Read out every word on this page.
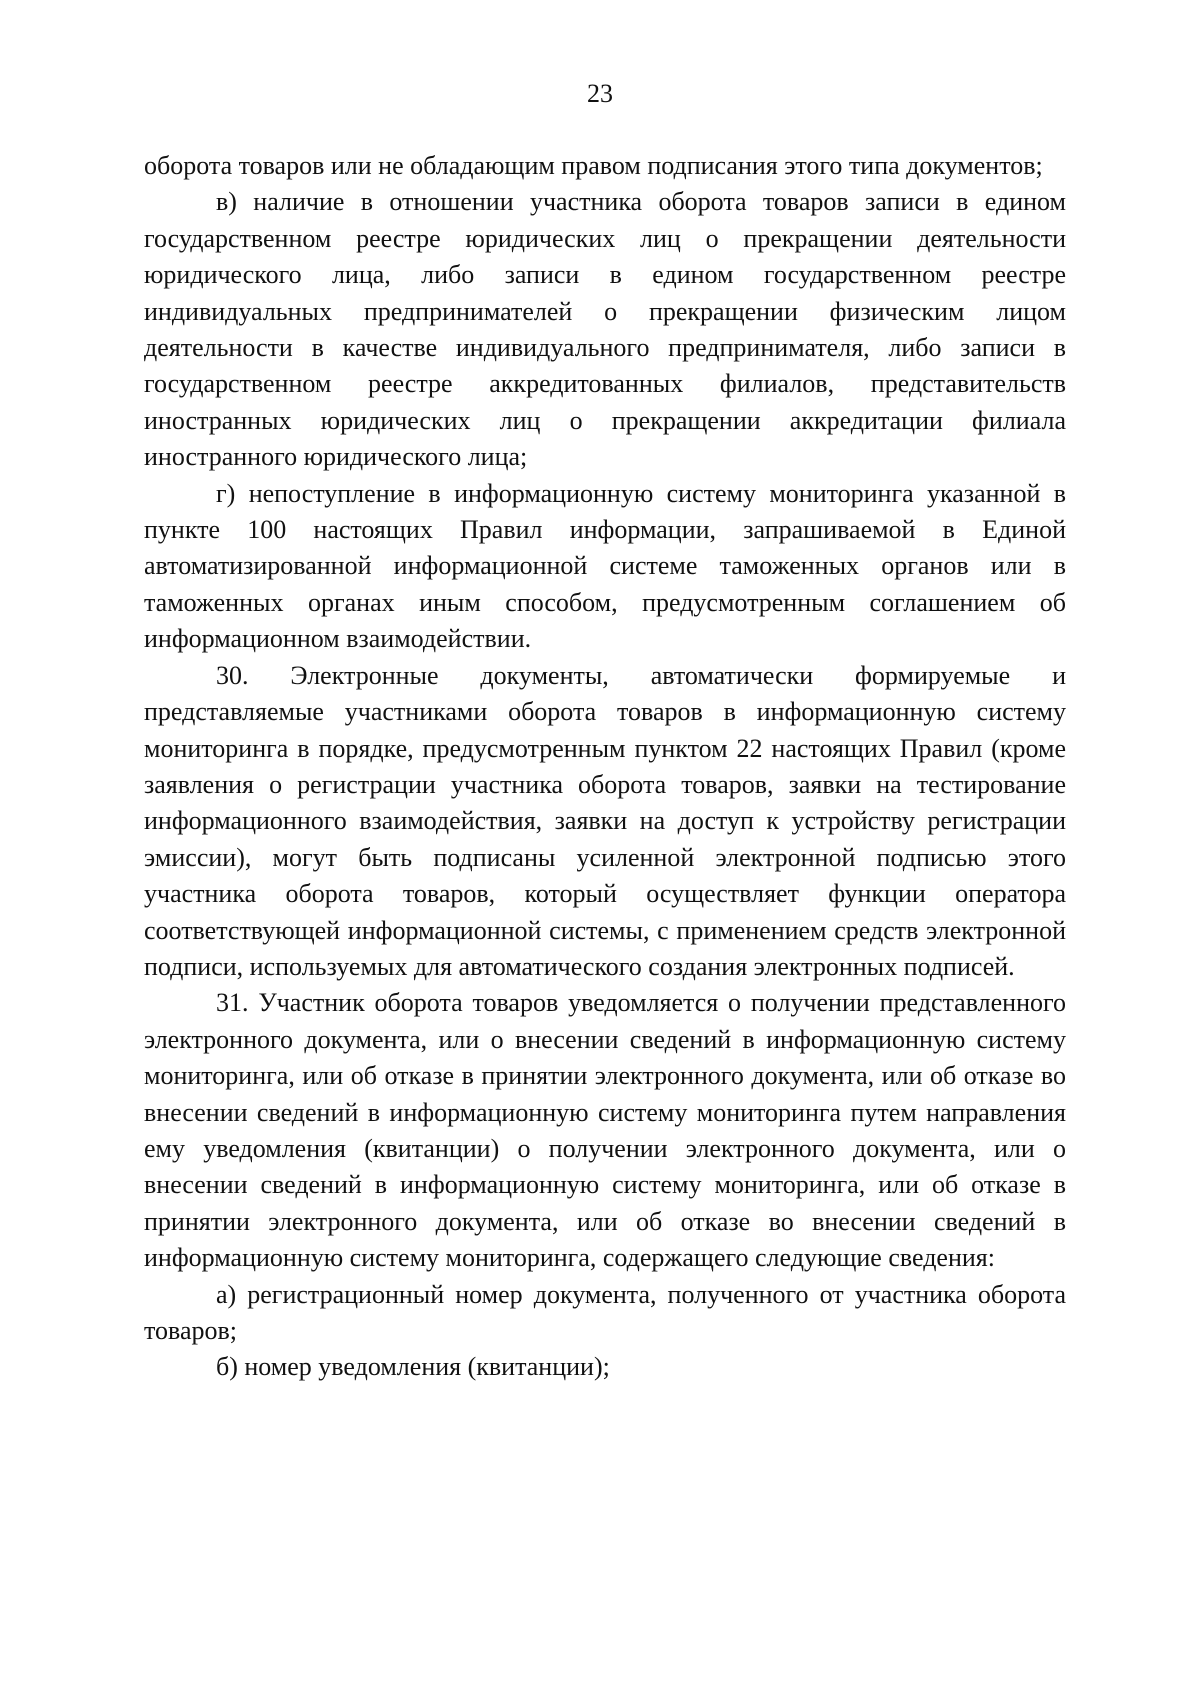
23

оборота товаров или не обладающим правом подписания этого типа документов;

в) наличие в отношении участника оборота товаров записи в едином государственном реестре юридических лиц о прекращении деятельности юридического лица, либо записи в едином государственном реестре индивидуальных предпринимателей о прекращении физическим лицом деятельности в качестве индивидуального предпринимателя, либо записи в государственном реестре аккредитованных филиалов, представительств иностранных юридических лиц о прекращении аккредитации филиала иностранного юридического лица;

г) непоступление в информационную систему мониторинга указанной в пункте 100 настоящих Правил информации, запрашиваемой в Единой автоматизированной информационной системе таможенных органов или в таможенных органах иным способом, предусмотренным соглашением об информационном взаимодействии.

30. Электронные документы, автоматически формируемые и представляемые участниками оборота товаров в информационную систему мониторинга в порядке, предусмотренным пунктом 22 настоящих Правил (кроме заявления о регистрации участника оборота товаров, заявки на тестирование информационного взаимодействия, заявки на доступ к устройству регистрации эмиссии), могут быть подписаны усиленной электронной подписью этого участника оборота товаров, который осуществляет функции оператора соответствующей информационной системы, с применением средств электронной подписи, используемых для автоматического создания электронных подписей.

31. Участник оборота товаров уведомляется о получении представленного электронного документа, или о внесении сведений в информационную систему мониторинга, или об отказе в принятии электронного документа, или об отказе во внесении сведений в информационную систему мониторинга путем направления ему уведомления (квитанции) о получении электронного документа, или о внесении сведений в информационную систему мониторинга, или об отказе в принятии электронного документа, или об отказе во внесении сведений в информационную систему мониторинга, содержащего следующие сведения:

а) регистрационный номер документа, полученного от участника оборота товаров;

б) номер уведомления (квитанции);
